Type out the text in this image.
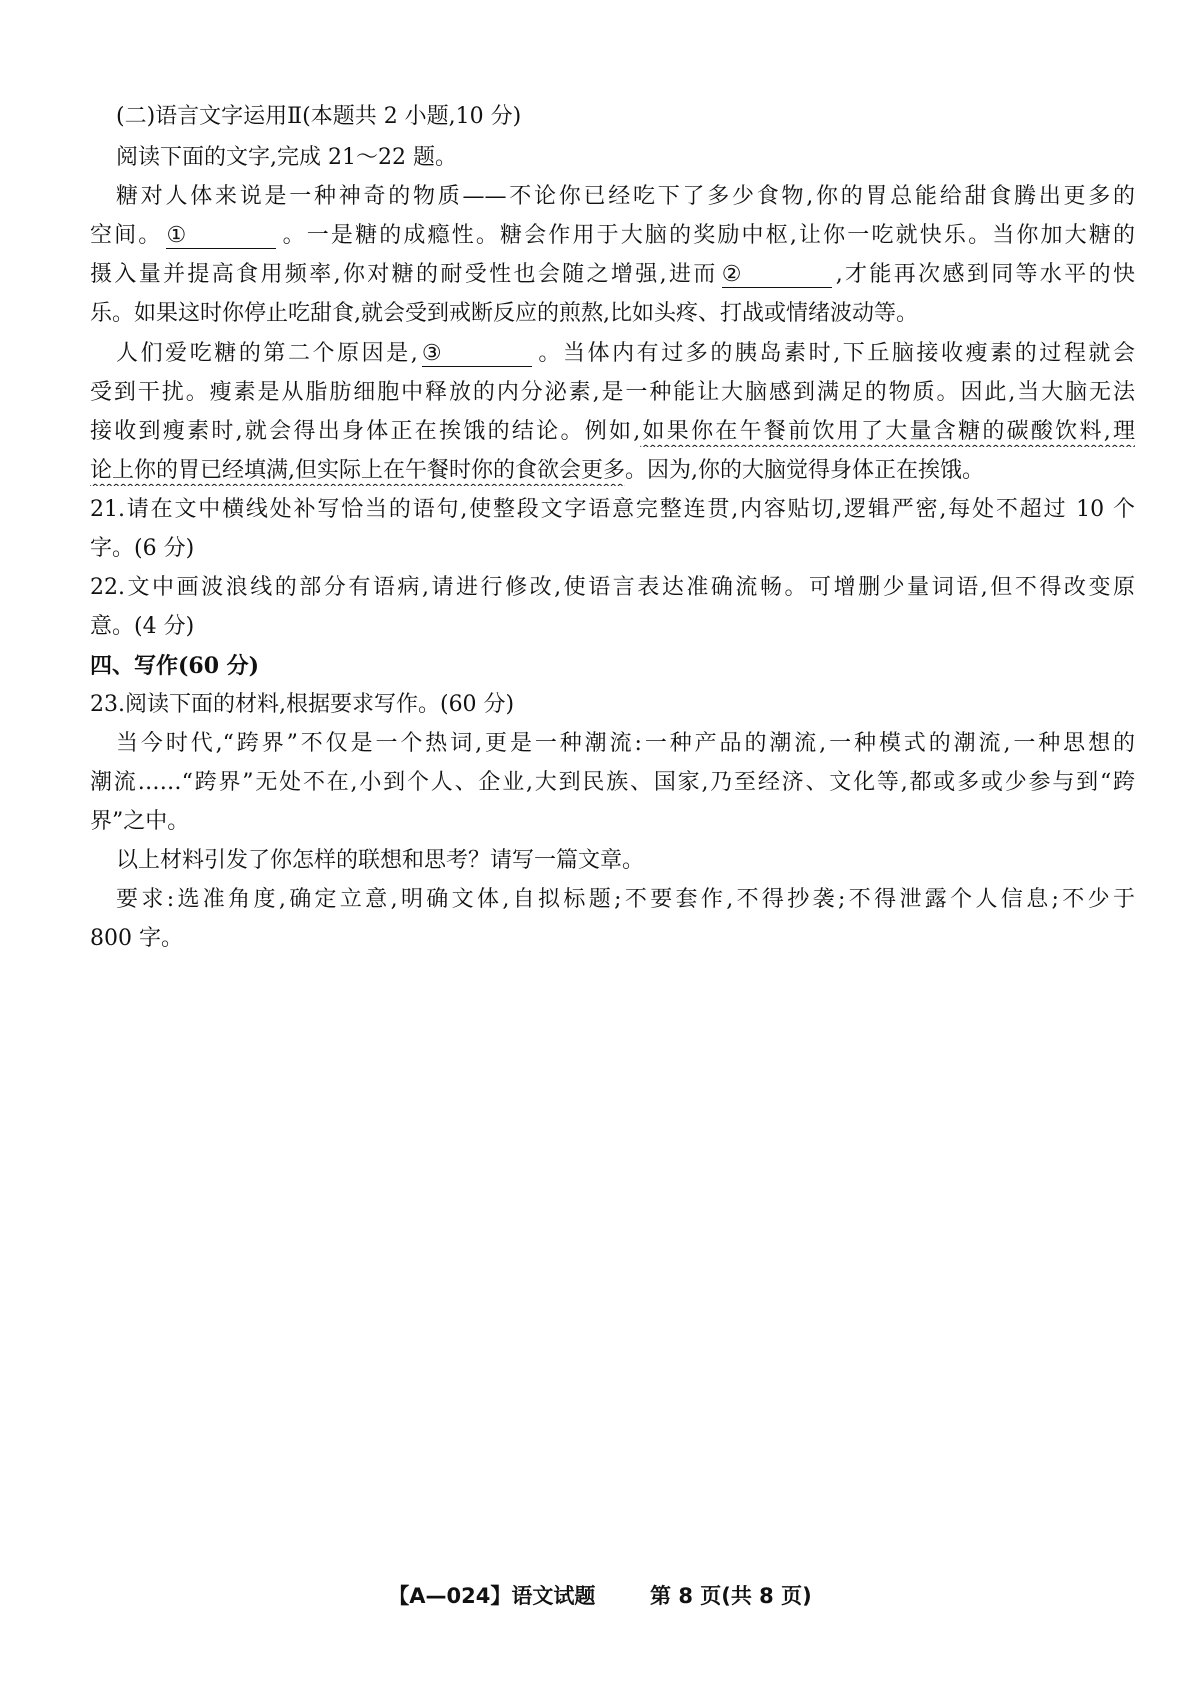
(二)语言文字运用Ⅱ(本题共 2 小题,10 分)
阅读下面的文字,完成 21～22 题。
糖对人体来说是一种神奇的物质——不论你已经吃下了多少食物,你的胃总能给甜食腾出更多的
空间。 ①	。一是糖的成瘾性。糖会作用于大脑的奖励中枢,让你一吃就快乐。当你加大糖的
摄入量并提高食用频率,你对糖的耐受性也会随之增强,进而 ②	,才能再次感到同等水平的快
乐。如果这时你停止吃甜食,就会受到戒断反应的煎熬,比如头疼、打战或情绪波动等。
人们爱吃糖的第二个原因是, ③	。当体内有过多的胰岛素时,下丘脑接收瘦素的过程就会
受到干扰。瘦素是从脂肪细胞中释放的内分泌素,是一种能让大脑感到满足的物质。因此,当大脑无法
接收到瘦素时,就会得出身体正在挨饿的结论。例如,如果你在午餐前饮用了大量含糖的碳酸饮料,理
论上你的胃已经填满,但实际上在午餐时你的食欲会更多。因为,你的大脑觉得身体正在挨饿。
21.请在文中横线处补写恰当的语句,使整段文字语意完整连贯,内容贴切,逻辑严密,每处不超过 10 个
字。(6 分)
22.文中画波浪线的部分有语病,请进行修改,使语言表达准确流畅。可增删少量词语,但不得改变原
意。(4 分)
四、写作(60 分)
23.阅读下面的材料,根据要求写作。(60 分)
当今时代,“跨界”不仅是一个热词,更是一种潮流:一种产品的潮流,一种模式的潮流,一种思想的
潮流……“跨界”无处不在,小到个人、企业,大到民族、国家,乃至经济、文化等,都或多或少参与到“跨
界”之中。
以上材料引发了你怎样的联想和思考？请写一篇文章。
要求:选准角度,确定立意,明确文体,自拟标题;不要套作,不得抄袭;不得泄露个人信息;不少于
800 字。
【A—024】语文试题	第 8 页(共 8 页)
